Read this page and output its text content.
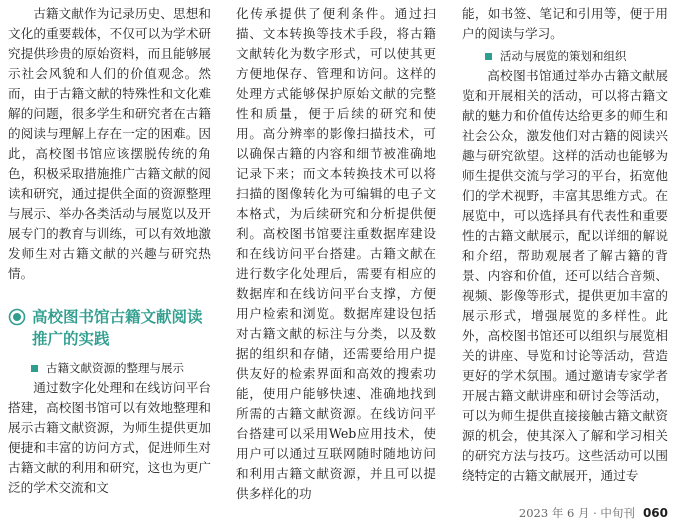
古籍文献作为记录历史、思想和文化的重要载体，不仅可以为学术研究提供珍贵的原始资料，而且能够展示社会风貌和人们的价值观念。然而，由于古籍文献的特殊性和文化难解的问题，很多学生和研究者在古籍的阅读与理解上存在一定的困难。因此，高校图书馆应该摆脱传统的角色，积极采取措施推广古籍文献的阅读和研究，通过提供全面的资源整理与展示、举办各类活动与展览以及开展专门的教育与训练，可以有效地激发师生对古籍文献的兴趣与研究热情。

高校图书馆古籍文献阅读推广的实践
古籍文献资源的整理与展示

通过数字化处理和在线访问平台搭建，高校图书馆可以有效地整理和展示古籍文献资源，为师生提供更加便捷和丰富的访问方式，促进师生对古籍文献的利用和研究，这也为更广泛的学术交流和文

化传承提供了便利条件。通过扫描、文本转换等技术手段，将古籍文献转化为数字形式，可以使其更方便地保存、管理和访问。这样的处理方式能够保护原始文献的完整性和质量，便于后续的研究和使用。高分辨率的影像扫描技术，可以确保古籍的内容和细节被准确地记录下来；而文本转换技术可以将扫描的图像转化为可编辑的电子文本格式，为后续研究和分析提供便利。高校图书馆要注重数据库建设和在线访问平台搭建。古籍文献在进行数字化处理后，需要有相应的数据库和在线访问平台支撑，方便用户检索和浏览。数据库建设包括对古籍文献的标注与分类，以及数据的组织和存储，还需要给用户提供友好的检索界面和高效的搜索功能，使用户能够快速、准确地找到所需的古籍文献资源。在线访问平台搭建可以采用Web应用技术，使用户可以通过互联网随时随地访问和利用古籍文献资源，并且可以提供多样化的功

能，如书签、笔记和引用等，便于用户的阅读与学习。

活动与展览的策划和组织

高校图书馆通过举办古籍文献展览和开展相关的活动，可以将古籍文献的魅力和价值传达给更多的师生和社会公众，激发他们对古籍的阅读兴趣与研究欲望。这样的活动也能够为师生提供交流与学习的平台，拓宽他们的学术视野，丰富其思维方式。在展览中，可以选择具有代表性和重要性的古籍文献展示，配以详细的解说和介绍，帮助观展者了解古籍的背景、内容和价值，还可以结合音频、视频、影像等形式，提供更加丰富的展示形式，增强展览的多样性。此外，高校图书馆还可以组织与展览相关的讲座、导览和讨论等活动，营造更好的学术氛围。通过邀请专家学者开展古籍文献讲座和研讨会等活动，可以为师生提供直接接触古籍文献资源的机会，使其深入了解和学习相关的研究方法与技巧。这些活动可以围绕特定的古籍文献展开，通过专

2023 年 6 月 · 中旬刊 060
